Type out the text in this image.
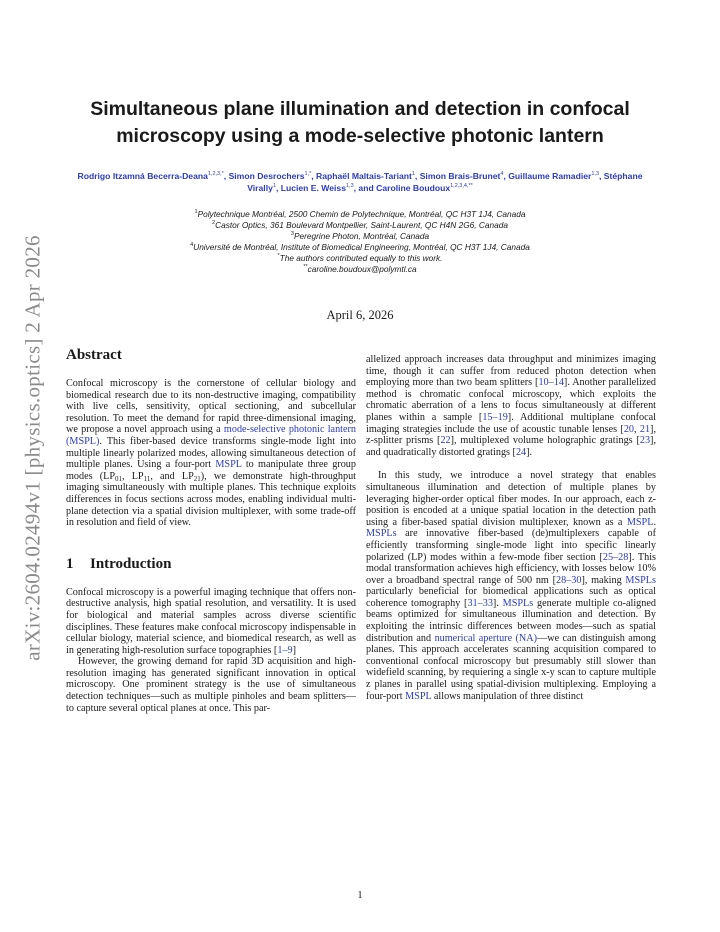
arXiv:2604.02494v1 [physics.optics] 2 Apr 2026
Simultaneous plane illumination and detection in confocal microscopy using a mode-selective photonic lantern
Rodrigo Itzamná Becerra-Deana$^{1,2,3,*}$, Simon Desrochers$^{1,*}$, Raphaël Maltais-Tariant$^1$, Simon Brais-Brunet$^4$, Guillaume Ramadier$^{1,3}$, Stéphane Virally$^1$, Lucien E. Weiss$^{1,3}$, and Caroline Boudoux$^{1,2,3,4,**}$
$^1$Polytechnique Montréal, 2500 Chemin de Polytechnique, Montréal, QC H3T 1J4, Canada
$^2$Castor Optics, 361 Boulevard Montpellier, Saint-Laurent, QC H4N 2G6, Canada
$^3$Peregrine Photon, Montréal, Canada
$^4$Université de Montréal, Institute of Biomedical Engineering, Montréal, QC H3T 1J4, Canada
*The authors contributed equally to this work.
**caroline.boudoux@polymtl.ca
April 6, 2026
Abstract

Confocal microscopy is the cornerstone of cellular biology and biomedical research due to its non-destructive imaging, compatibility with live cells, sensitivity, optical sectioning, and subcellular resolution. To meet the demand for rapid three-dimensional imaging, we propose a novel approach using a mode-selective photonic lantern (MSPL). This fiber-based device transforms single-mode light into multiple linearly polarized modes, allowing simultaneous detection of multiple planes. Using a four-port MSPL to manipulate three group modes ($LP_{01}$, $LP_{11}$, and $LP_{21}$), we demonstrate high-throughput imaging simultaneously with multiple planes. This technique exploits differences in focus sections across modes, enabling individual multi-plane detection via a spatial division multiplexer, with some trade-off in resolution and field of view.

1 Introduction

Confocal microscopy is a powerful imaging technique that offers non-destructive analysis, high spatial resolution, and versatility. It is used for biological and material samples across diverse scientific disciplines. These features make confocal microscopy indispensable in cellular biology, material science, and biomedical research, as well as in generating high-resolution surface topographies [1–9]

However, the growing demand for rapid 3D acquisition and high-resolution imaging has generated significant innovation in optical microscopy. One prominent strategy is the use of simultaneous detection techniques—such as multiple pinholes and beam splitters—to capture several optical planes at once. This par-

allelized approach increases data throughput and minimizes imaging time, though it can suffer from reduced photon detection when employing more than two beam splitters [10–14]. Another parallelized method is chromatic confocal microscopy, which exploits the chromatic aberration of a lens to focus simultaneously at different planes within a sample [15–19]. Additional multiplane confocal imaging strategies include the use of acoustic tunable lenses [20, 21], z-splitter prisms [22], multiplexed volume holographic gratings [23], and quadratically distorted gratings [24].

In this study, we introduce a novel strategy that enables simultaneous illumination and detection of multiple planes by leveraging higher-order optical fiber modes. In our approach, each z-position is encoded at a unique spatial location in the detection path using a fiber-based spatial division multiplexer, known as a MSPL. MSPLs are innovative fiber-based (de)multiplexers capable of efficiently transforming single-mode light into specific linearly polarized (LP) modes within a few-mode fiber section [25–28]. This modal transformation achieves high efficiency, with losses below 10% over a broadband spectral range of 500 nm [28–30], making MSPLs particularly beneficial for biomedical applications such as optical coherence tomography [31–33]. MSPLs generate multiple co-aligned beams optimized for simultaneous illumination and detection. By exploiting the intrinsic differences between modes—such as spatial distribution and numerical aperture (NA)—we can distinguish among planes. This approach accelerates scanning acquisition compared to conventional confocal microscopy but presumably still slower than widefield scanning, by requiering a single x-y scan to capture multiple z planes in parallel using spatial-division multiplexing. Employing a four-port MSPL allows manipulation of three distinct

1
